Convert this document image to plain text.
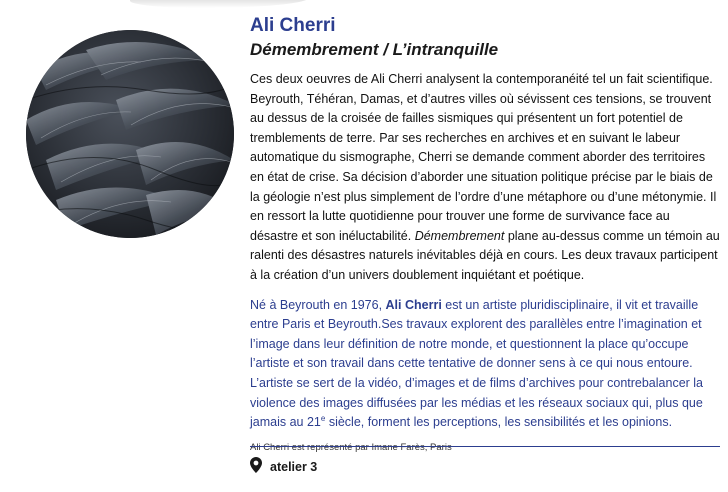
Ali Cherri
Démembrement / L’intranquille

Ces deux oeuvres de Ali Cherri analysent la contemporanéité tel un fait scientifique. Beyrouth, Téhéran, Damas, et d’autres villes où sévissent ces tensions, se trouvent au dessus de la croisée de failles sismiques qui présentent un fort potentiel de tremblements de terre. Par ses recherches en archives et en suivant le labeur automatique du sismographe, Cherri se demande comment aborder des territoires en état de crise. Sa décision d’aborder une situation politique précise par le biais de la géologie n’est plus simplement de l’ordre d’une métaphore ou d’une métonymie. Il en ressort la lutte quotidienne pour trouver une forme de survivance face au désastre et son inéluctabilité. Démembrement plane au-dessus comme un témoin au ralenti des désastres naturels inévitables déjà en cours. Les deux travaux participent à la création d’un univers doublement inquiétant et poétique.

Né à Beyrouth en 1976, Ali Cherri est un artiste pluridisciplinaire, il vit et travaille entre Paris et Beyrouth.Ses travaux explorent des parallèles entre l’imagination et l’image dans leur définition de notre monde, et questionnent la place qu’occupe l’artiste et son travail dans cette tentative de donner sens à ce qui nous entoure. L’artiste se sert de la vidéo, d’images et de films d’archives pour contrebalancer la violence des images diffusées par les médias et les réseaux sociaux qui, plus que jamais au 21e siècle, forment les perceptions, les sensibilités et les opinions.

Ali Cherri est représenté par Imane Farès, Paris

atelier 3
